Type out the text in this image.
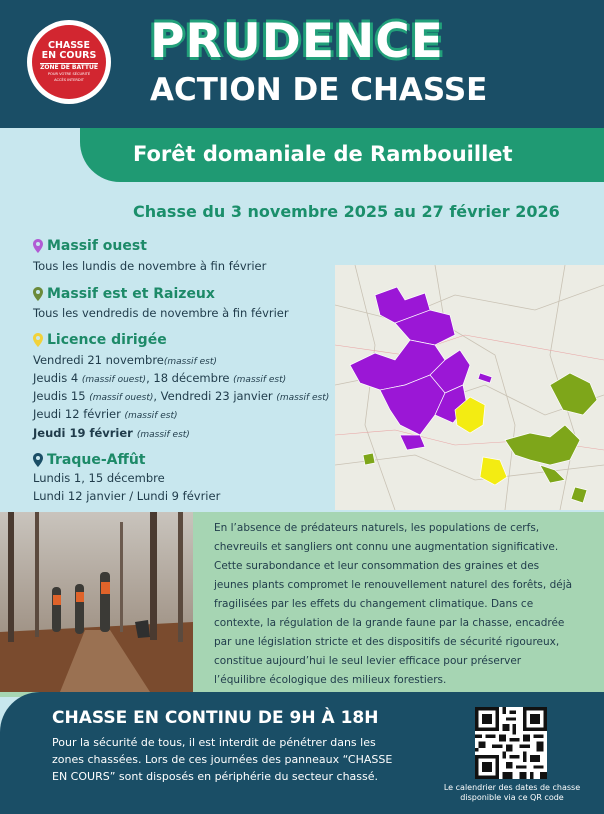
CHASSE
EN COURS
ZONE DE BATTUE
POUR VOTRE SÉCURITÉ
ACCÈS INTERDIT
PRUDENCE
ACTION DE CHASSE
Forêt domaniale de Rambouillet
Chasse du 3 novembre 2025 au 27 février 2026
Massif ouest
Tous les lundis de novembre à fin février
Massif est et Raizeux
Tous les vendredis de novembre à fin février
Licence dirigée
Vendredi 21 novembre(massif est)
Jeudis 4 (massif ouest), 18 décembre (massif est)
Jeudis 15 (massif ouest), Vendredi 23 janvier (massif est)
Jeudi 12 février (massif est)
Jeudi 19 février (massif est)
Traque-Affût
Lundis 1, 15 décembre
Lundi 12 janvier / Lundi 9 février
En l’absence de prédateurs naturels, les populations de cerfs, chevreuils et sangliers ont connu une augmentation significative. Cette surabondance et leur consommation des graines et des jeunes plants compromet le renouvellement naturel des forêts, déjà fragilisées par les effets du changement climatique. Dans ce contexte, la régulation de la grande faune par la chasse, encadrée par une législation stricte et des dispositifs de sécurité rigoureux, constitue aujourd’hui le seul levier efficace pour préserver l’équilibre écologique des milieux forestiers.
CHASSE EN CONTINU DE 9H À 18H
Pour la sécurité de tous, il est interdit de pénétrer dans les zones chassées. Lors de ces journées des panneaux “CHASSE EN COURS” sont disposés en périphérie du secteur chassé.
Le calendrier des dates de chasse disponible via ce QR code
